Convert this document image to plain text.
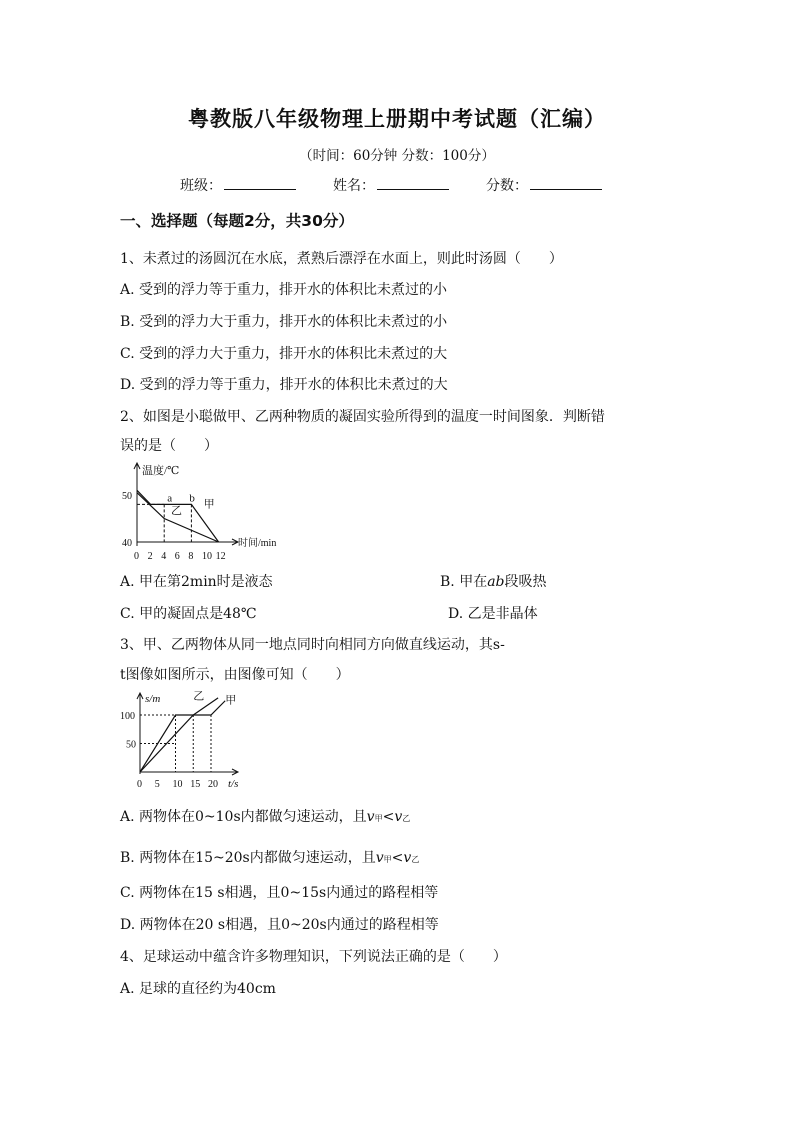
粤教版八年级物理上册期中考试题（汇编）
（时间：60分钟 分数：100分）
班级：	姓名：	分数：
一、选择题（每题2分，共30分）
1、未煮过的汤圆沉在水底，煮熟后漂浮在水面上，则此时汤圆（　　）
A. 受到的浮力等于重力，排开水的体积比未煮过的小
B. 受到的浮力大于重力，排开水的体积比未煮过的小
C. 受到的浮力大于重力，排开水的体积比未煮过的大
D. 受到的浮力等于重力，排开水的体积比未煮过的大
2、如图是小聪做甲、乙两种物质的凝固实验所得到的温度一时间图象．判断错
误的是（　　）
温度/℃
时间/min
0 2 4 6 8 10 12
40
50	a b
乙
甲
A. 甲在第2min时是液态	B. 甲在ab段吸热
C. 甲的凝固点是48℃	D. 乙是非晶体
3、甲、乙两物体从同一地点同时向相同方向做直线运动，其s-
t图像如图所示，由图像可知（　　）
s/m
t/s
0 5 10 15 20
50
100
乙 甲
A. 两物体在0~10s内都做匀速运动，且v甲<v乙
B. 两物体在15~20s内都做匀速运动，且v甲<v乙
C. 两物体在15 s相遇，且0~15s内通过的路程相等
D. 两物体在20 s相遇，且0~20s内通过的路程相等
4、足球运动中蕴含许多物理知识，下列说法正确的是（　　）
A. 足球的直径约为40cm
